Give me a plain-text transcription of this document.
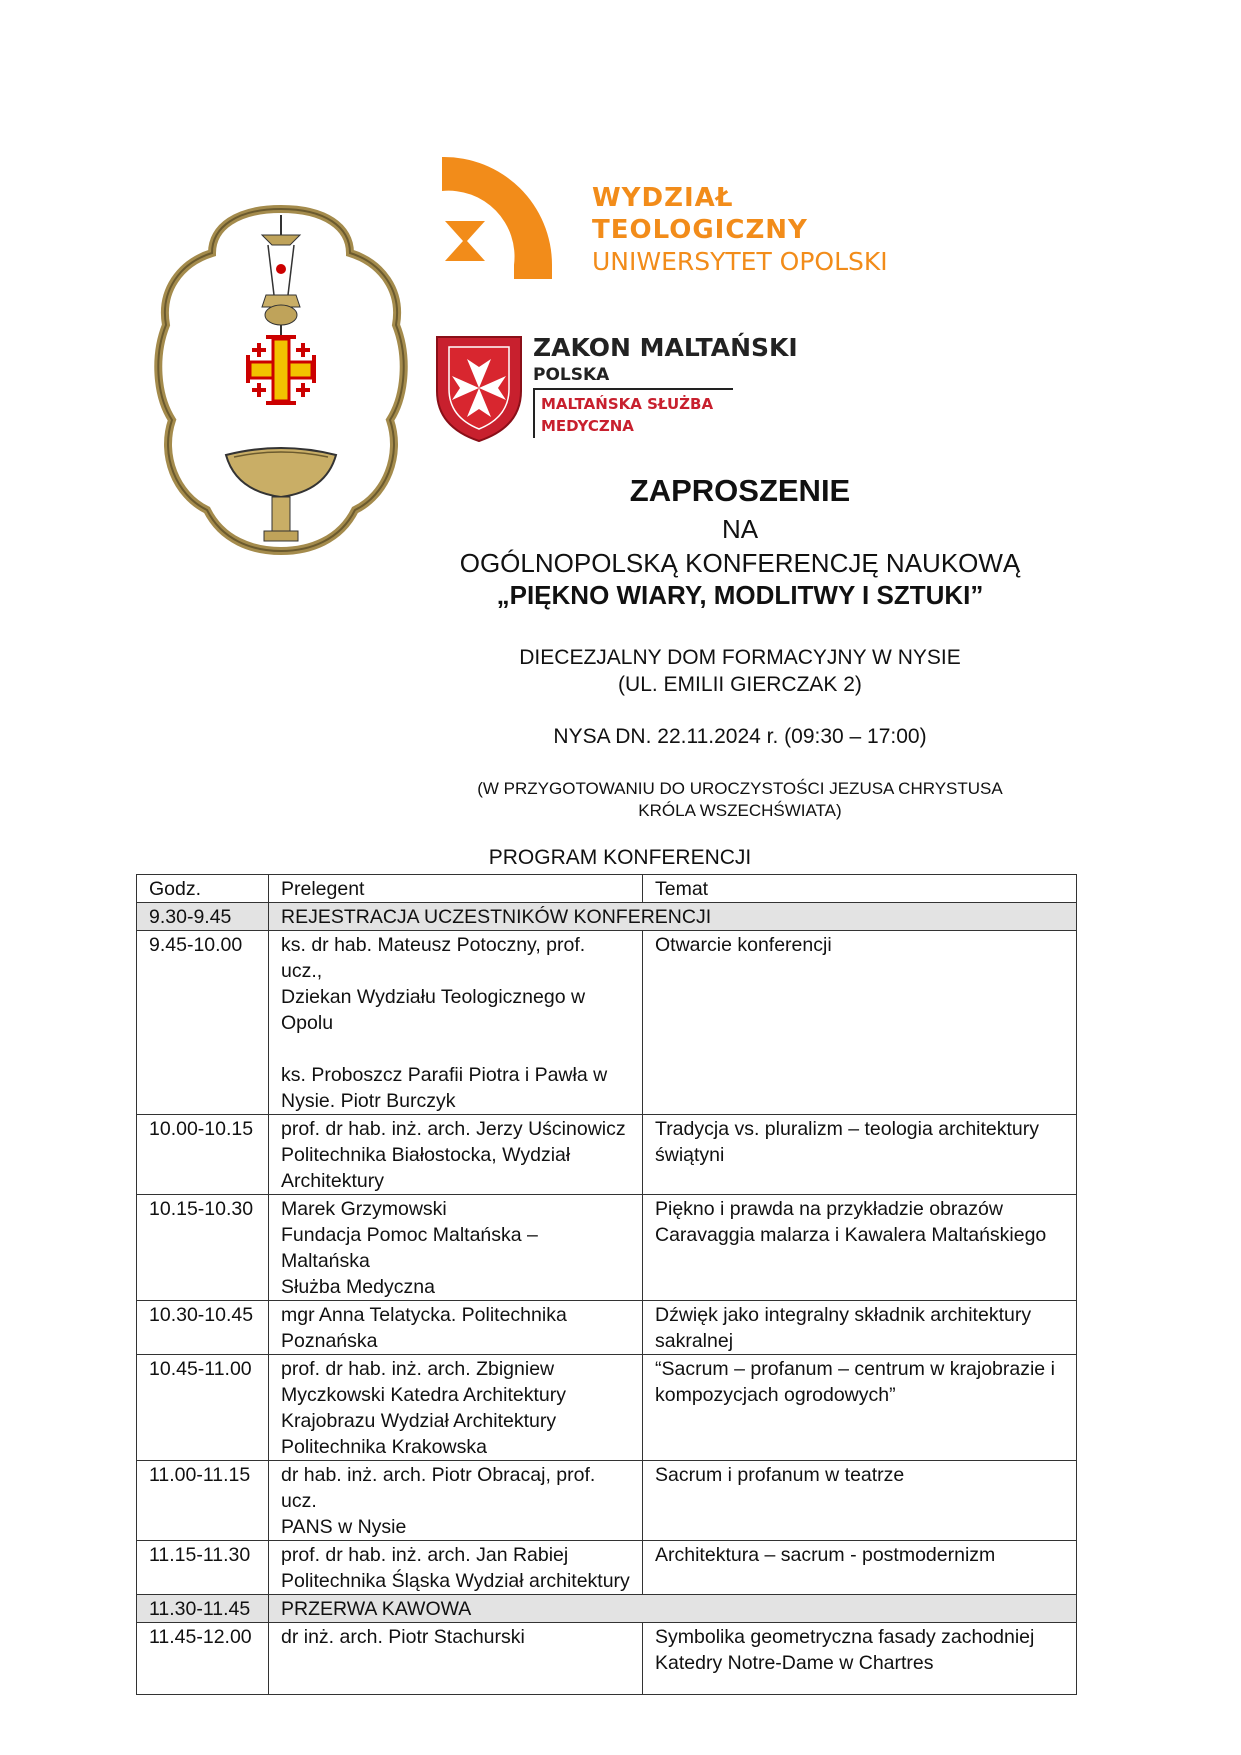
WYDZIAŁ
TEOLOGICZNY
UNIWERSYTET OPOLSKI
ZAKON MALTAŃSKI
POLSKA
MALTAŃSKA SŁUŻBA
MEDYCZNA
ZAPROSZENIE
NA
OGÓLNOPOLSKĄ KONFERENCJĘ NAUKOWĄ
„PIĘKNO WIARY, MODLITWY I SZTUKI”
DIECEZJALNY DOM FORMACYJNY W NYSIE
(UL. EMILII GIERCZAK 2)
NYSA DN. 22.11.2024 r. (09:30 – 17:00)
(W PRZYGOTOWANIU DO UROCZYSTOŚCI JEZUSA CHRYSTUSA
KRÓLA WSZECHŚWIATA)
PROGRAM KONFERENCJI
Godz.	Prelegent	Temat
9.30-9.45	REJESTRACJA UCZESTNIKÓW KONFERENCJI	
9.45-10.00	ks. dr hab. Mateusz Potoczny, prof. ucz.,
Dziekan Wydziału Teologicznego w Opolu

ks. Proboszcz Parafii Piotra i Pawła w
Nysie. Piotr Burczyk	Otwarcie konferencji

10.00-10.15	prof. dr hab. inż. arch. Jerzy Uścinowicz
Politechnika Białostocka, Wydział
Architektury	Tradycja vs. pluralizm – teologia architektury
świątyni

10.15-10.30	Marek Grzymowski
Fundacja Pomoc Maltańska – Maltańska
Służba Medyczna	Piękno i prawda na przykładzie obrazów
Caravaggia malarza i Kawalera Maltańskiego

10.30-10.45	mgr Anna Telatycka. Politechnika
Poznańska	Dźwięk jako integralny składnik architektury
sakralnej

10.45-11.00	prof. dr hab. inż. arch. Zbigniew
Myczkowski Katedra Architektury
Krajobrazu Wydział Architektury
Politechnika Krakowska	“Sacrum – profanum – centrum w krajobrazie i
kompozycjach ogrodowych”

11.00-11.15	dr hab. inż. arch. Piotr Obracaj, prof. ucz.
PANS w Nysie	Sacrum i profanum w teatrze

11.15-11.30	prof. dr hab. inż. arch. Jan Rabiej
Politechnika Śląska Wydział architektury	Architektura – sacrum - postmodernizm

11.30-11.45	PRZERWA KAWOWA	
11.45-12.00	dr inż. arch. Piotr Stachurski	Symbolika geometryczna fasady zachodniej
Katedry Notre-Dame w Chartres
